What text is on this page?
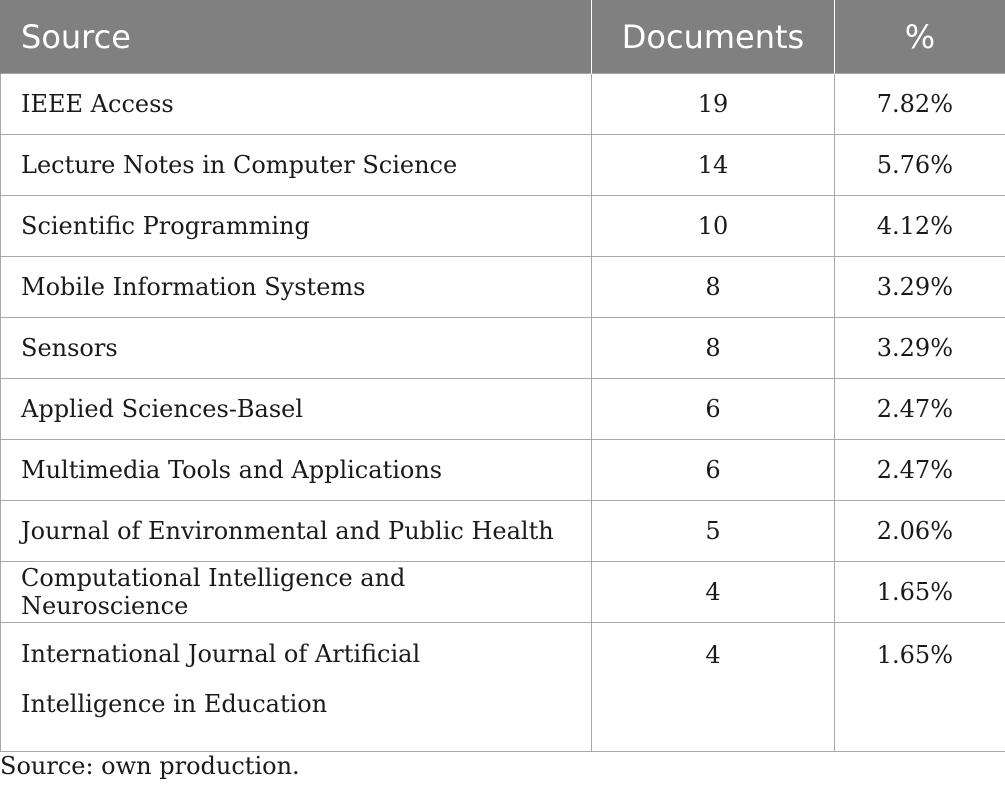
Source	Documents	%
IEEE Access	19	7.82%
Lecture Notes in Computer Science	14	5.76%
Scientific Programming	10	4.12%
Mobile Information Systems	8	3.29%
Sensors	8	3.29%
Applied Sciences-Basel	6	2.47%
Multimedia Tools and Applications	6	2.47%
Journal of Environmental and Public Health	5	2.06%
Computational Intelligence and Neuroscience	4	1.65%
International Journal of Artificial Intelligence in Education	4	1.65%
Source: own production.
